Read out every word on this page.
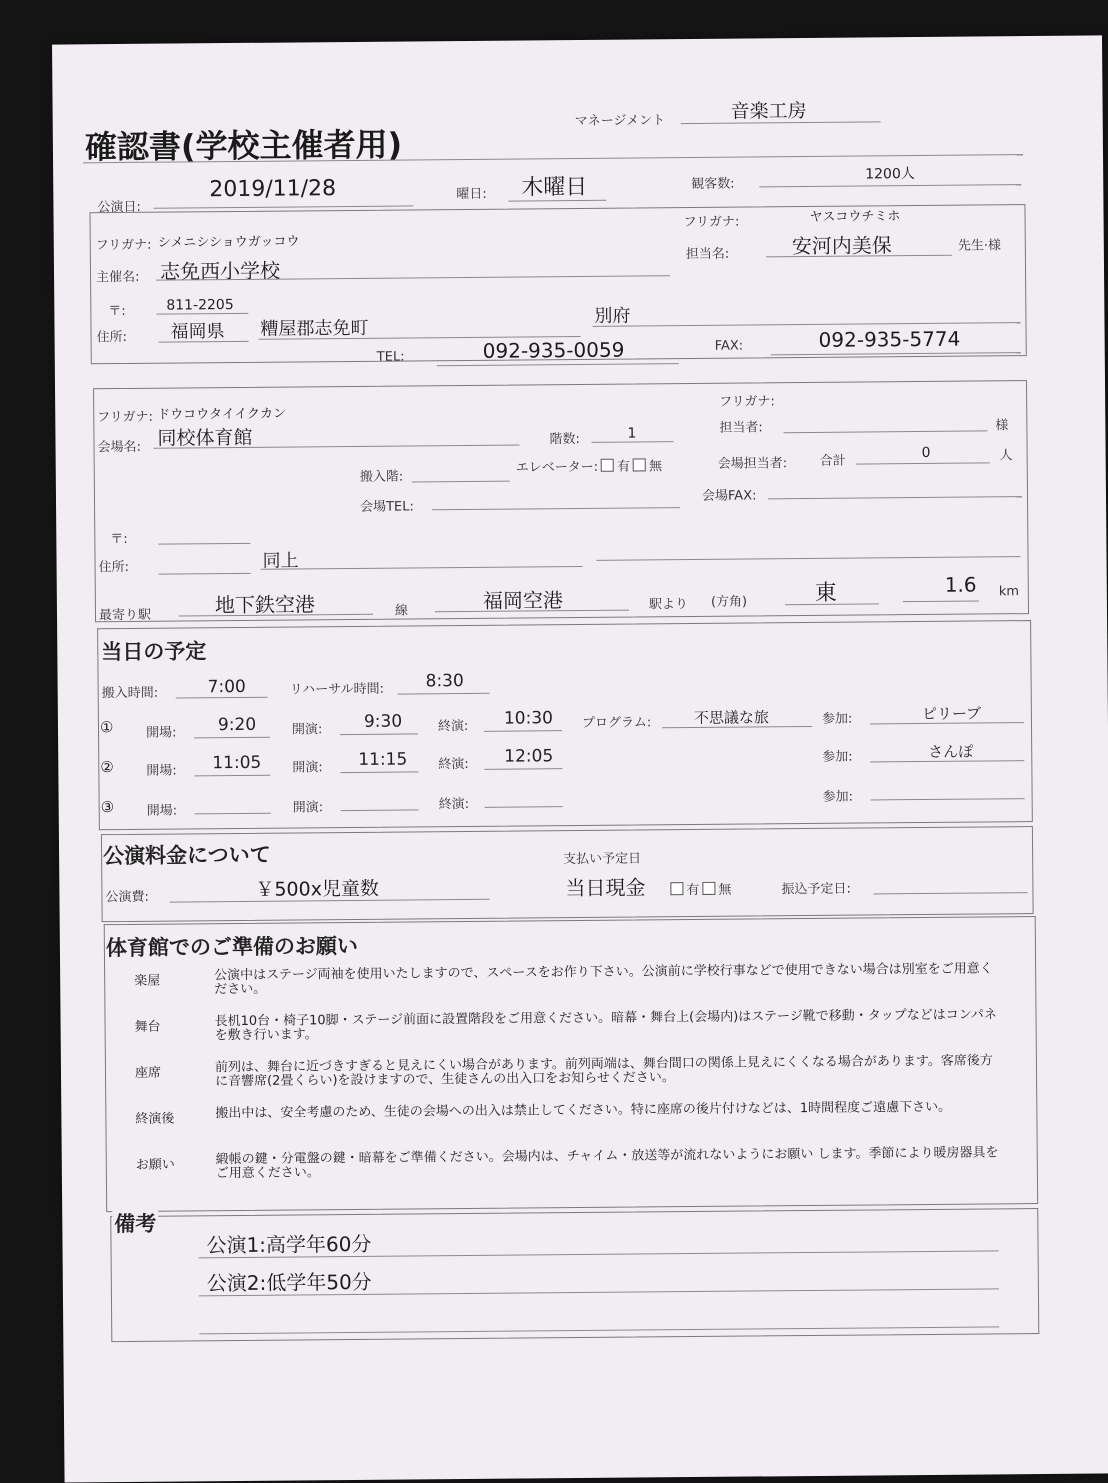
確認書(学校主催者用)
マネージメント	音楽工房
公演日:
2019/11/28	曜日: 木曜日	観客数:
1200人
フリガナ: シメニシショウガッコウ
主催名: 志免西小学校
フリガナ:	ヤスコウチミホ
担当名:	安河内美保	先生·様
〒:	811-2205
住所: 福岡県 糟屋郡志免町
別府
TEL:	092-935-0059	FAX:	092-935-5774
フリガナ: ドウコウタイイクカン
会場名: 同校体育館	階数:	1
フリガナ:
担当者:	様
搬入階:
エレベーター: 有 無	会場担当者: 合計
0	人
会場TEL:
会場FAX:
〒:
住所:	同上
最寄り駅	地下鉄空港	線	福岡空港	駅より (方角)	東	1.6 km
当日の予定
搬入時間:	7:00	リハーサル時間: 8:30
① 開場: 9:20	開演: 9:30	終演: 10:30 プログラム:	不思議な旅	参加:	ピリーブ
② 開場: 11:05 開演: 11:15 終演: 12:05	参加:	さんぽ
③ 開場:	開演:	終演:	参加:
公演料金について
公演費:	￥500x児童数
支払い予定日
当日現金	有 無	振込予定日:
体育館でのご準備のお願い
楽屋	公演中はステージ両袖を使用いたしますので、スペースをお作り下さい。公演前に学校行事などで使用できない場合は別室をご用意ください。
舞台	長机10台・椅子10脚・ステージ前面に設置階段をご用意ください。暗幕・舞台上(会場内)はステージ靴で移動・タップなどはコンパネを敷き行います。
座席	前列は、舞台に近づきすぎると見えにくい場合があります。前列両端は、舞台間口の関係上見えにくくなる場合があります。客席後方に音響席(2畳くらい)を設けますので、生徒さんの出入口をお知らせください。
終演後	搬出中は、安全考慮のため、生徒の会場への出入は禁止してください。特に座席の後片付けなどは、1時間程度ご遠慮下さい。
お願い	緞帳の鍵・分電盤の鍵・暗幕をご準備ください。会場内は、チャイム・放送等が流れないようにお願い します。季節により暖房器具をご用意ください。
備考
公演1:高学年60分
公演2:低学年50分
